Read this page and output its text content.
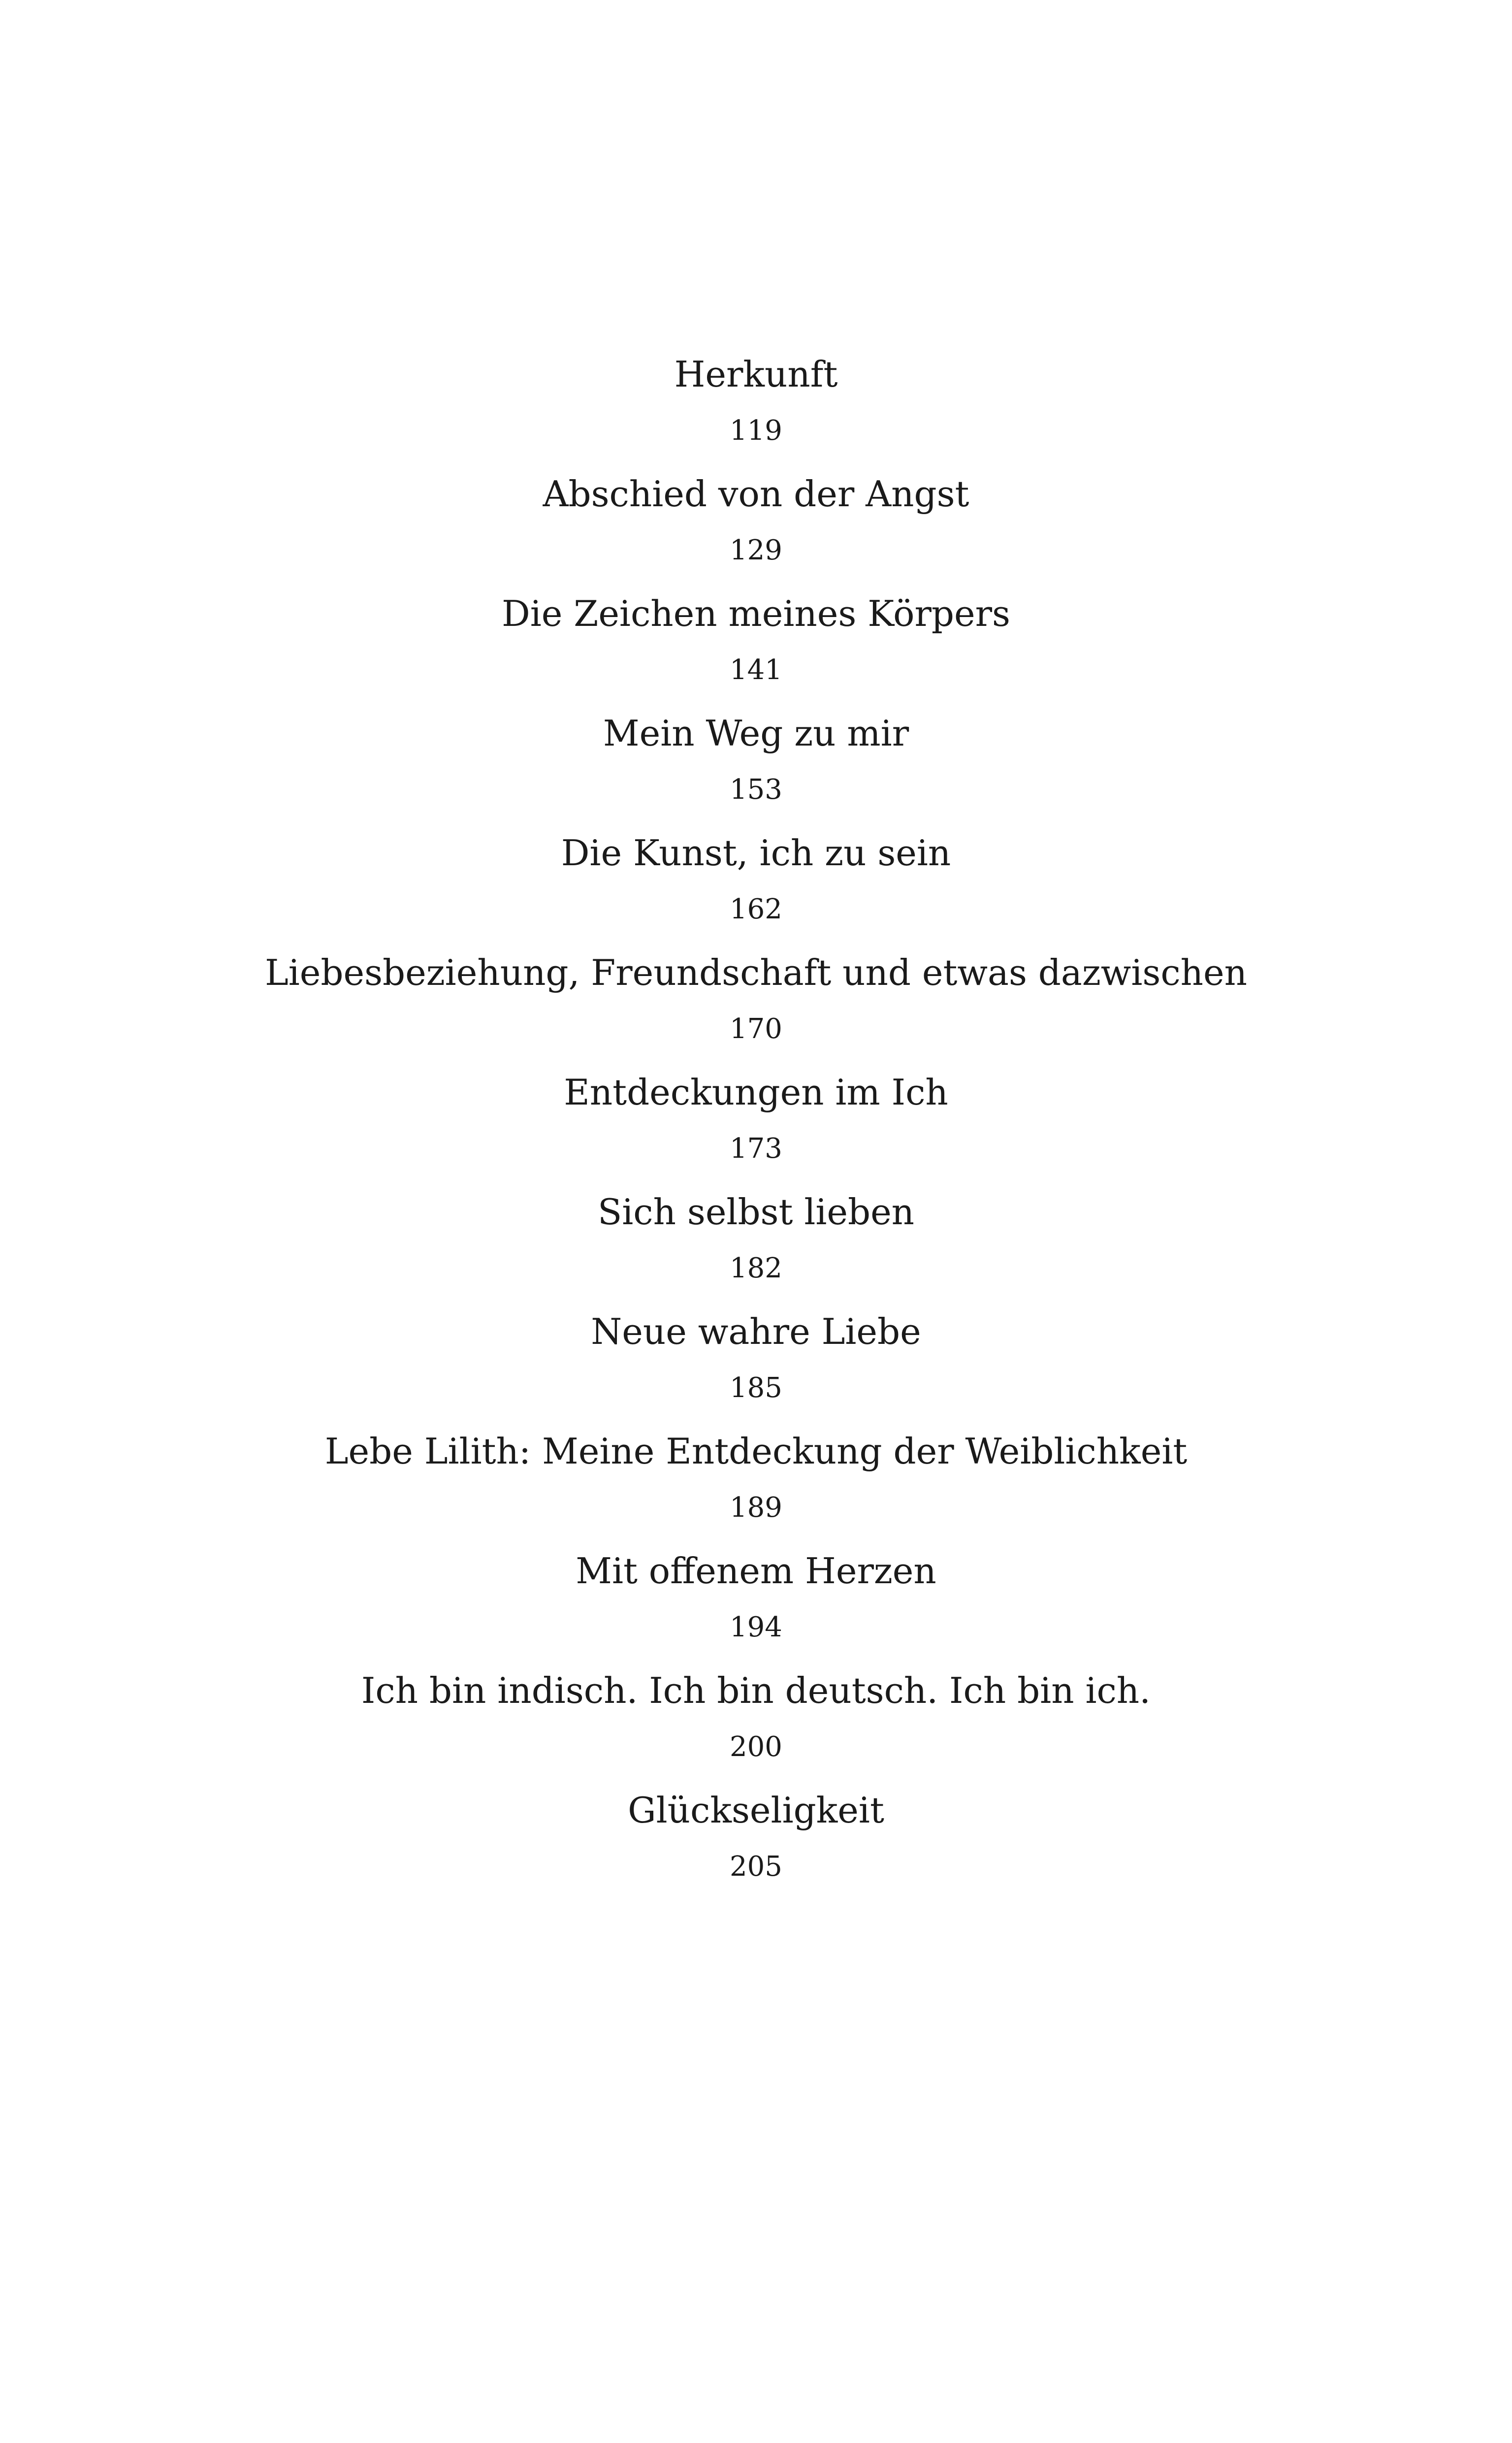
Herkunft
119
Abschied von der Angst
129
Die Zeichen meines Körpers
141
Mein Weg zu mir
153
Die Kunst, ich zu sein
162
Liebesbeziehung, Freundschaft und etwas dazwischen
170
Entdeckungen im Ich
173
Sich selbst lieben
182
Neue wahre Liebe
185
Lebe Lilith: Meine Entdeckung der Weiblichkeit
189
Mit offenem Herzen
194
Ich bin indisch. Ich bin deutsch. Ich bin ich.
200
Glückseligkeit
205
